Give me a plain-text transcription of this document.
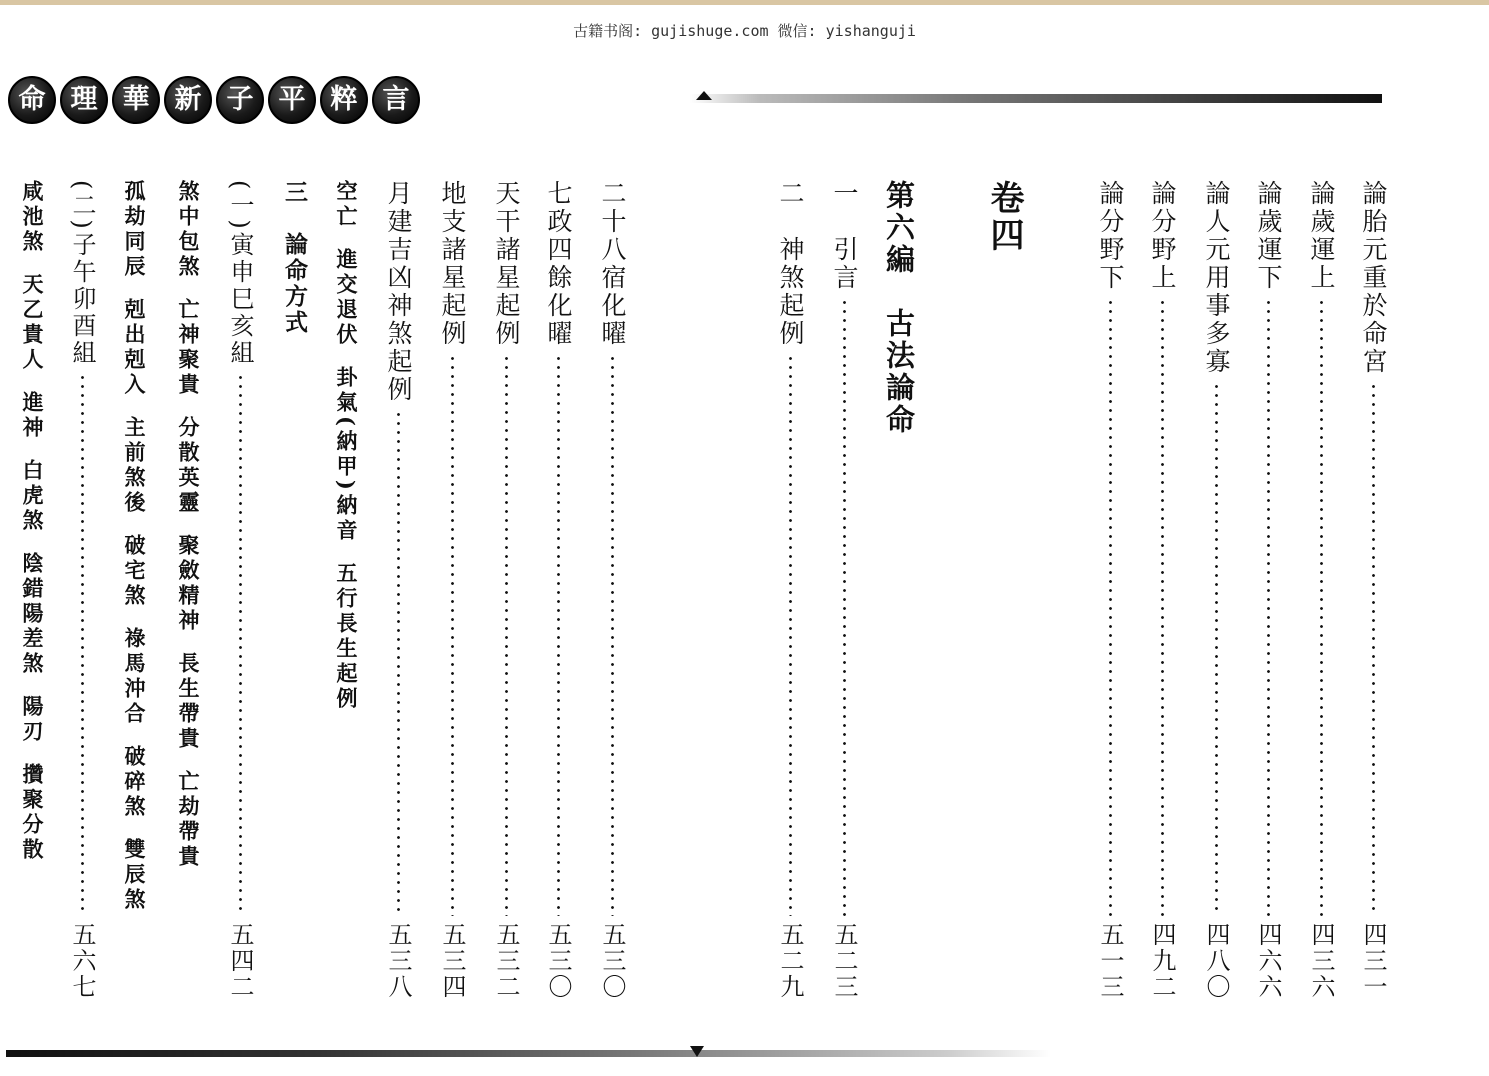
古籍书阁: gujishuge.com 微信: yishanguji
命 理 華 新 子 平 粹 言
論胎元重於命宮
四三一
論歲運上
四三六
論歲運下
四六六
論人元用事多寡
四八〇
論分野上
四九二
論分野下
五一三
卷四
第六編　古法論命
一　引言
五二三
二　神煞起例
五二九
二十八宿化曜
五三〇
七政四餘化曜
五三〇
天干諸星起例
五三二
地支諸星起例
五三四
月建吉凶神煞起例
五三八
空亡
進交退伏
卦氣(納甲)納音
五行長生起例
三　論命方式
(一)寅申巳亥組
五四二
煞中包煞
亡神聚貴
分散英靈
聚斂精神
長生帶貴
亡劫帶貴
孤劫同辰
剋出剋入
主前煞後
破宅煞
祿馬沖合
破碎煞
雙辰煞
(二)子午卯酉組
五六七
咸池煞
天乙貴人
進神
白虎煞
陰錯陽差煞
陽刃
攢聚分散
